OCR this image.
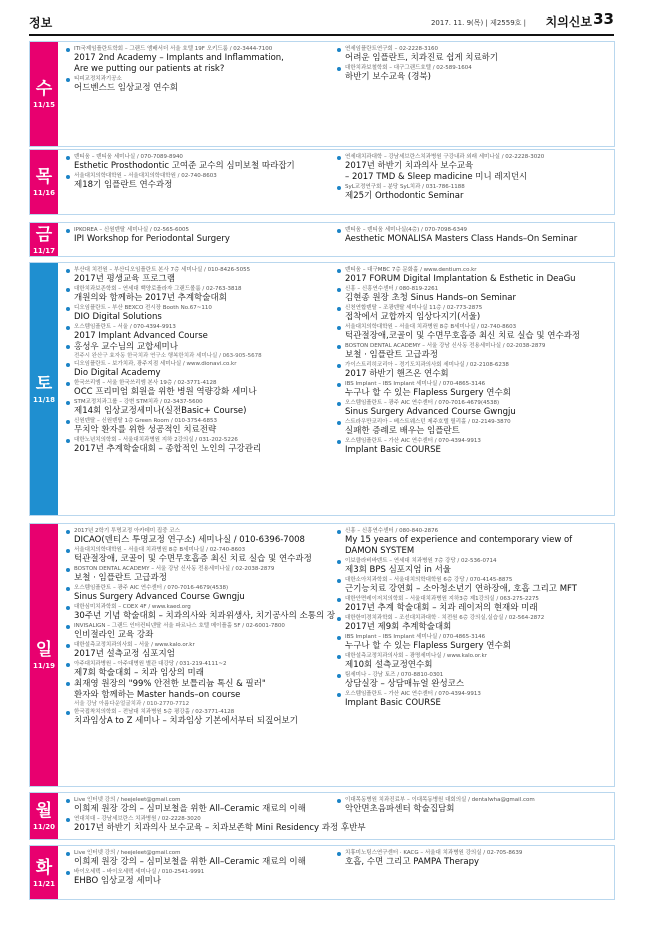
정보	2017. 11. 9(목) | 제2559호 | 치의신보 33
수
11/15
ITI국제임플란트학회 – 그랜드 앰배서더 서울 호텔 19F 오키드룸 / 02-3444-7100
2017 2nd Academy – Implants and Inflammation,
Are we putting our patients at risk?
티피교정치과기공소
어드벤스드 임상교정 연수회
연세임플란트연구회 – 02-2228-3160
어려운 임플란트, 치과진료 쉽게 치료하기
대한치과보철학회 – 대구그랜드호텔 / 02-589-1604
하반기 보수교육 (경북)
목
11/16
덴티움 – 덴티움 세미나실 / 070-7089-8940
Esthetic Prosthodontic 고여준 교수의 심미보철 따라잡기
서울대치의학대학원 – 서울대치의학대학원 / 02-740-8603
제18기 임플란트 연수과정
연세대치과대학 – 강남세브란스치과병원 구강내과 외래 세미나실 / 02-2228-3020
2017년 하반기 치과의사 보수교육
– 2017 TMD & Sleep madicine 미니 레지던시
SyL교정연구회 – 분당 SyL치과 / 031-786-1188
제25기 Orthodontic Seminar
금
11/17
IPKOREA – 신원덴탈 세미나실 / 02-565-6005
IPI Workshop for Periodontal Surgery
덴티움 – 덴티움 세미나실(4층) / 070-7098-6349
Aesthetic MONALISA Masters Class Hands–On Seminar
토
11/18
부산대 치전원 – 부산디오임플란트 본사 7층 세미나실 / 010-8426-5055
2017년 평생교육 프로그램
대한치과보존학회 – 연세대 백양로플라자 그랜드볼룸 / 02-763-3818
개원의와 함께하는 2017년 추계학술대회
디오임플란트 – 부산 BEXCO 전시장 Booth No.67~110
DIO Digital Solutions
오스템임플란트 – 서울 / 070-4394-9913
2017 Implant Advanced Course
홍성우 교수님의 교합세미나
전주시 완산구 효자동 한국치과 연구소 행복한치과 세미나실 / 063-905-5678
디오임플란트 – 보가치과, 광주지점 세미나실 / www.dionavi.co.kr
Dio Digital Academy
한국쓰리엠 – 서울 한국쓰리엠 본사 19층 / 02-3771-4128
OCC 프리미엄 회원을 위한 병원 역량강화 세미나
STM교정치과그룹 – 강변 STM치과 / 02-3437-5600
제14회 임상교정세미나(실전Basic+ Course)
신원덴탈 – 신원덴탈 1층 Green Room / 010-3754-6853
무치악 환자를 위한 성공적인 치료전략
대한노년치의학회 – 서울대치과병원 지하 2강의실 / 031-202-5226
2017년 추계학술대회 – 종합적인 노인의 구강관리
덴티움 – 대구MBC 7층 문화홀 / www.dentium.co.kr
2017 FORUM Digital Implantation & Esthetic in DeaGu
신흥 – 신흥연수센터 / 080-819-2261
김현종 원장 초청 Sinus Hands–on Seminar
신천연합덴탈 – 조광덴탈 세미나실 11층 / 02-773-2875
접착에서 교합까지 임상다지기(서울)
서울대치의학대학원 – 서울대 치과병원 8층 B세미나실 / 02-740-8603
턱관절장애,코골이 및 수면무호흡증 최신 치료 실습 및 연수과정
BOSTON DENTAL ACADEMY – 서울 강남 신사동 전용세미나실 / 02-2038-2879
보철 · 임플란트 고급과정
가이스트리히코리아 – 경기도치과의사회 세미나실 / 02-2108-6238
2017 하반기 핸즈온 연수회
IBS Implant – IBS Implant 세미나실 / 070-4865-3146
누구나 할 수 있는 Flapless Surgery 연수회
오스템임플란트 – 광주 AIC 연수센터 / 070-7016-4679(4538)
Sinus Surgery Advanced Course Gwngju
스트라우만코리아 – 베스트웨스턴 제주호텔 릴리홀 / 02-2149-3870
실패한 증례로 배우는 임플란트
오스템임플란트 – 가산 AIC 연수센터 / 070-4394-9913
Implant Basic COURSE
일
11/19
2017년 2학기 투명교정 아카데미 집중 코스
DICAO(덴티스 투명교정 연구소) 세미나실 / 010-6396-7008
서울대치의학대학원 – 서울대 치과병원 8층 B세미나실 / 02-740-8603
턱관절장애, 코골이 및 수면무호흡증 최신 치료 실습 및 연수과정
BOSTON DENTAL ACADEMY – 서울 강남 신사동 전용세미나실 / 02-2038-2879
보철 · 임플란트 고급과정
오스템임플란트 – 광주 AIC 연수센터 / 070-7016-4679(4538)
Sinus Surgery Advanced Course Gwngju
대한심미치과학회 – COEX 4F / www.kaed.org
30주년 기념 학술대회 – 치과의사와 치과위생사, 치기공사의 소통의 장
INVISALIGN – 그랜드 인터컨티넨탈 서울 파르나스 호텔 메이플홀 5F / 02-6001-7800
인비절라인 교육 강좌
대한설측교정치과의사회 – 서울 / www.kalo.or.kr
2017년 설측교정 심포지엄
아주대치과병원 – 아주대병원 별관 대강당 / 031-219-4111~2
제7회 학술대회 – 치과 임상의 미래
최재영 원장의 "99% 안전한 보틀리늄 톡신 & 필러"
환자와 함께하는 Master hands–on course
서울 강남 아름다운얼굴치과 / 010-2770-7712
한국접착치의학회 – 전남대 치과병원 5층 평강홀 / 02-3771-4128
치과임상A to Z 세미나 – 치과임상 기본에서부터 되짚어보기
신흥 – 신흥연수센터 / 080-840-2876
My 15 years of experience and contemporary view of
DAMON SYSTEM
이보클라비바덴트 – 연세대 치과병원 7층 강당 / 02-536-0714
제3회 BPS 심포지엄 in 서울
대한소아치과학회 – 서울대치의학대학원 6층 강당 / 070-4145-8875
근기능치료 강연회 – 소아청소년기 연하장애, 호흡 그리고 MFT
대한안면레이저치의학회 – 서울대치과병원 지하3층 제1강의실 / 063-275-2275
2017년 추계 학술대회 – 치과 레이저의 현재와 미래
대한한미경치과학회 – 조선대치과대학 · 치전원 6층 강의실,실습실 / 02-564-2872
2017년 제9회 추계학술대회
IBS Implant – IBS Implant 세미나실 / 070-4865-3146
누구나 할 수 있는 Flapless Surgery 연수회
대한설측교정치과의사회 – 광명세미나실 / www.kalo.or.kr
제10회 설측교정연수회
팀세미나 – 강남 토즈 / 070-8810-0301
상담실장 – 상담매뉴얼 완성코스
오스템임플란트 – 가산 AIC 연수센터 / 070-4394-9913
Implant Basic COURSE
월
11/20
Live 인터넷 강의 / heejeleet@gmail.com
이희제 원장 강의 – 심미보철을 위한 All–Ceramic 재료의 이해
연대치대 – 강남세브란스 치과병원 / 02-2228-3020
2017년 하반기 치과의사 보수교육 – 치과보존학 Mini Residency 과정 후반부
이대목동병원 치과진료부 – 이대목동병원 대회의실 / dentalwha@gmail.com
악안면초음파센터 학술집담회
화
11/21
Live 인터넷 강의 / heejeleet@gmail.com
이희제 원장 강의 – 심미보철을 위한 All–Ceramic 재료의 이해
바이오세텍 – 바이오세텍 세미나실 / 010-2541-9991
EHBO 임상교정 세미나
치휴미노팅스연구센터 · KACG – 서울대 치과병원 강의실 / 02-705-8639
호흡, 수면 그리고 PAMPA Therapy
